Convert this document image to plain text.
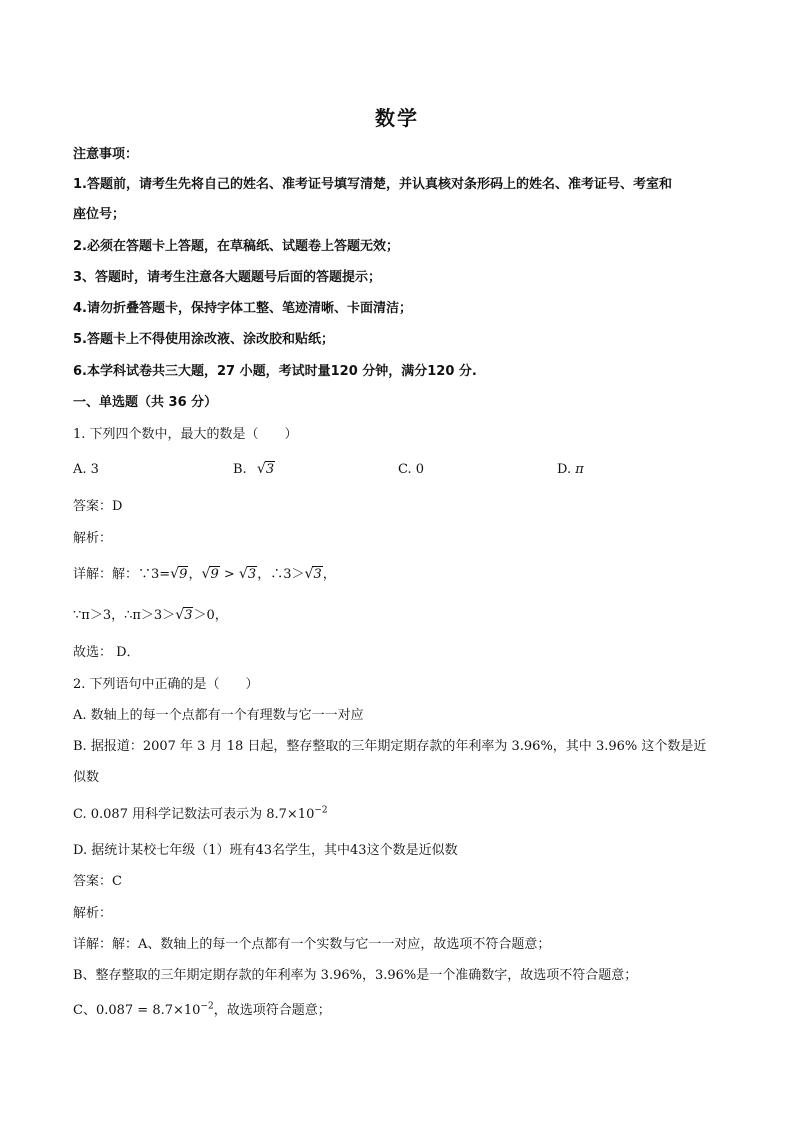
数学
注意事项：
1.答题前，请考生先将自己的姓名、准考证号填写清楚，并认真核对条形码上的姓名、准考证号、考室和
座位号；
2.必须在答题卡上答题，在草稿纸、试题卷上答题无效；
3、答题时，请考生注意各大题题号后面的答题提示；
4.请勿折叠答题卡，保持字体工整、笔迹清晰、卡面清洁；
5.答题卡上不得使用涂改液、涂改胶和贴纸；
6.本学科试卷共三大题，27 小题，考试时量120 分钟，满分120 分.
一、单选题（共 36 分）
1. 下列四个数中，最大的数是（　　）
A. 3	B. √ 3	C. 0	D. π
答案：D
解析：
详解：解：∵3= √ 9， √ 9 > √ 3，∴3＞ √ 3，
∵π＞3，∴π＞3＞ √ 3＞0，
故选： D．
2. 下列语句中正确的是（　　）
A. 数轴上的每一个点都有一个有理数与它一一对应
B. 据报道：2007 年 3 月 18 日起，整存整取的三年期定期存款的年利率为 3.96%，其中 3.96% 这个数是近
似数
C. 0.087 用科学记数法可表示为 $8.7\times 10^{-2}$
D. 据统计某校七年级（1）班有43名学生，其中43这个数是近似数
答案：C
解析：
详解：解：A、数轴上的每一个点都有一个实数与它一一对应，故选项不符合题意；
B、整存整取的三年期定期存款的年利率为 3.96%，3.96%是一个准确数字，故选项不符合题意；
C、$0.087 = 8.7\times 10^{-2}$，故选项符合题意；
